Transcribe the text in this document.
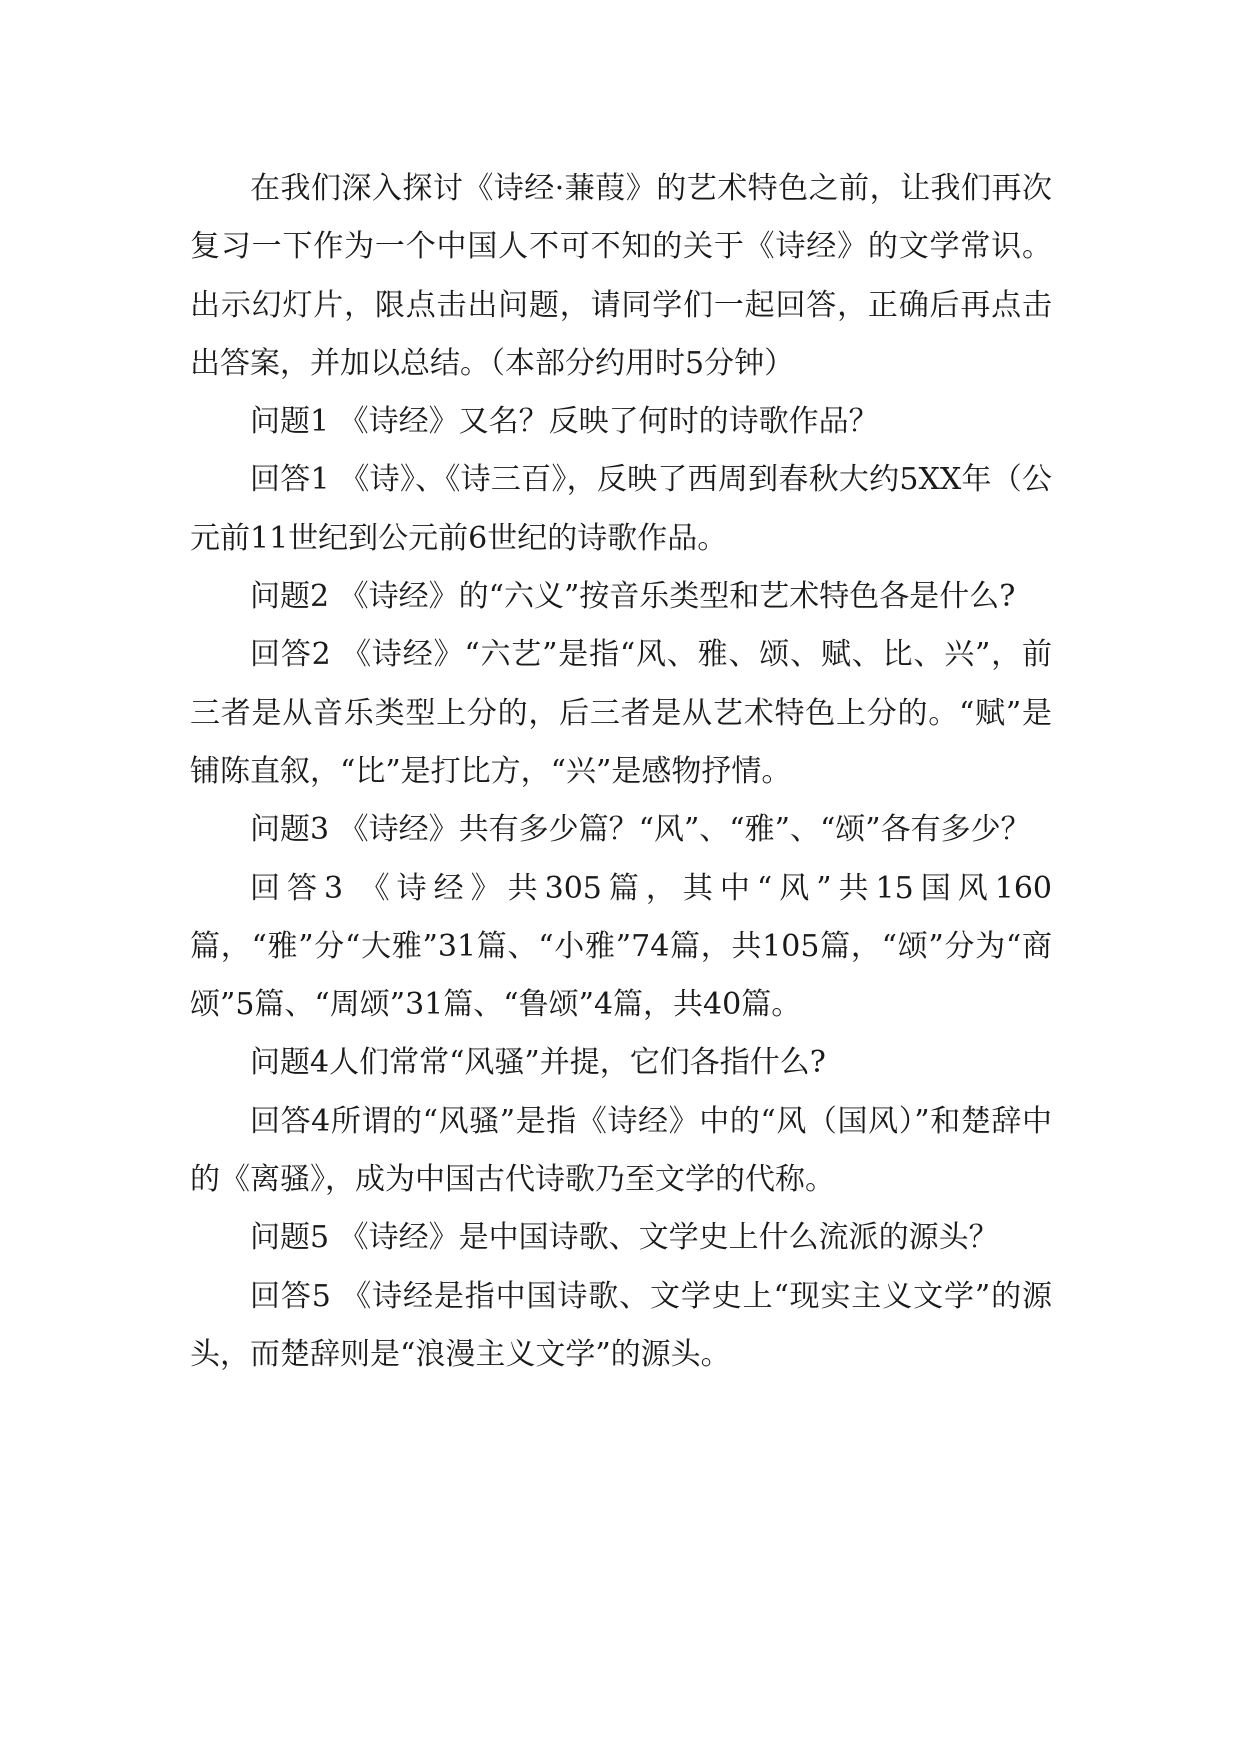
在我们深入探讨《诗经·蒹葭》的艺术特色之前，让我们再次复习一下作为一个中国人不可不知的关于《诗经》的文学常识。出示幻灯片，限点击出问题，请同学们一起回答，正确后再点击出答案，并加以总结。（本部分约用时5分钟）

问题1 《诗经》又名？反映了何时的诗歌作品？

回答1 《诗》、《诗三百》，反映了西周到春秋大约5XX年（公元前11世纪到公元前6世纪的诗歌作品。

问题2 《诗经》的“六义”按音乐类型和艺术特色各是什么?

回答2 《诗经》“六艺”是指“风、雅、颂、赋、比、兴”，前三者是从音乐类型上分的，后三者是从艺术特色上分的。“赋”是铺陈直叙，“比”是打比方，“兴”是感物抒情。

问题3 《诗经》共有多少篇？“风”、“雅”、“颂”各有多少？

回答3 《诗经》共305篇，其中“风”共15国风160篇，“雅”分“大雅”31篇、“小雅”74篇，共105篇，“颂”分为“商颂”5篇、“周颂”31篇、“鲁颂”4篇，共40篇。

问题4人们常常“风骚”并提，它们各指什么?

回答4所谓的“风骚”是指《诗经》中的“风（国风）”和楚辞中的《离骚》，成为中国古代诗歌乃至文学的代称。

问题5 《诗经》是中国诗歌、文学史上什么流派的源头？

回答5 《诗经是指中国诗歌、文学史上“现实主义文学”的源头，而楚辞则是“浪漫主义文学”的源头。
